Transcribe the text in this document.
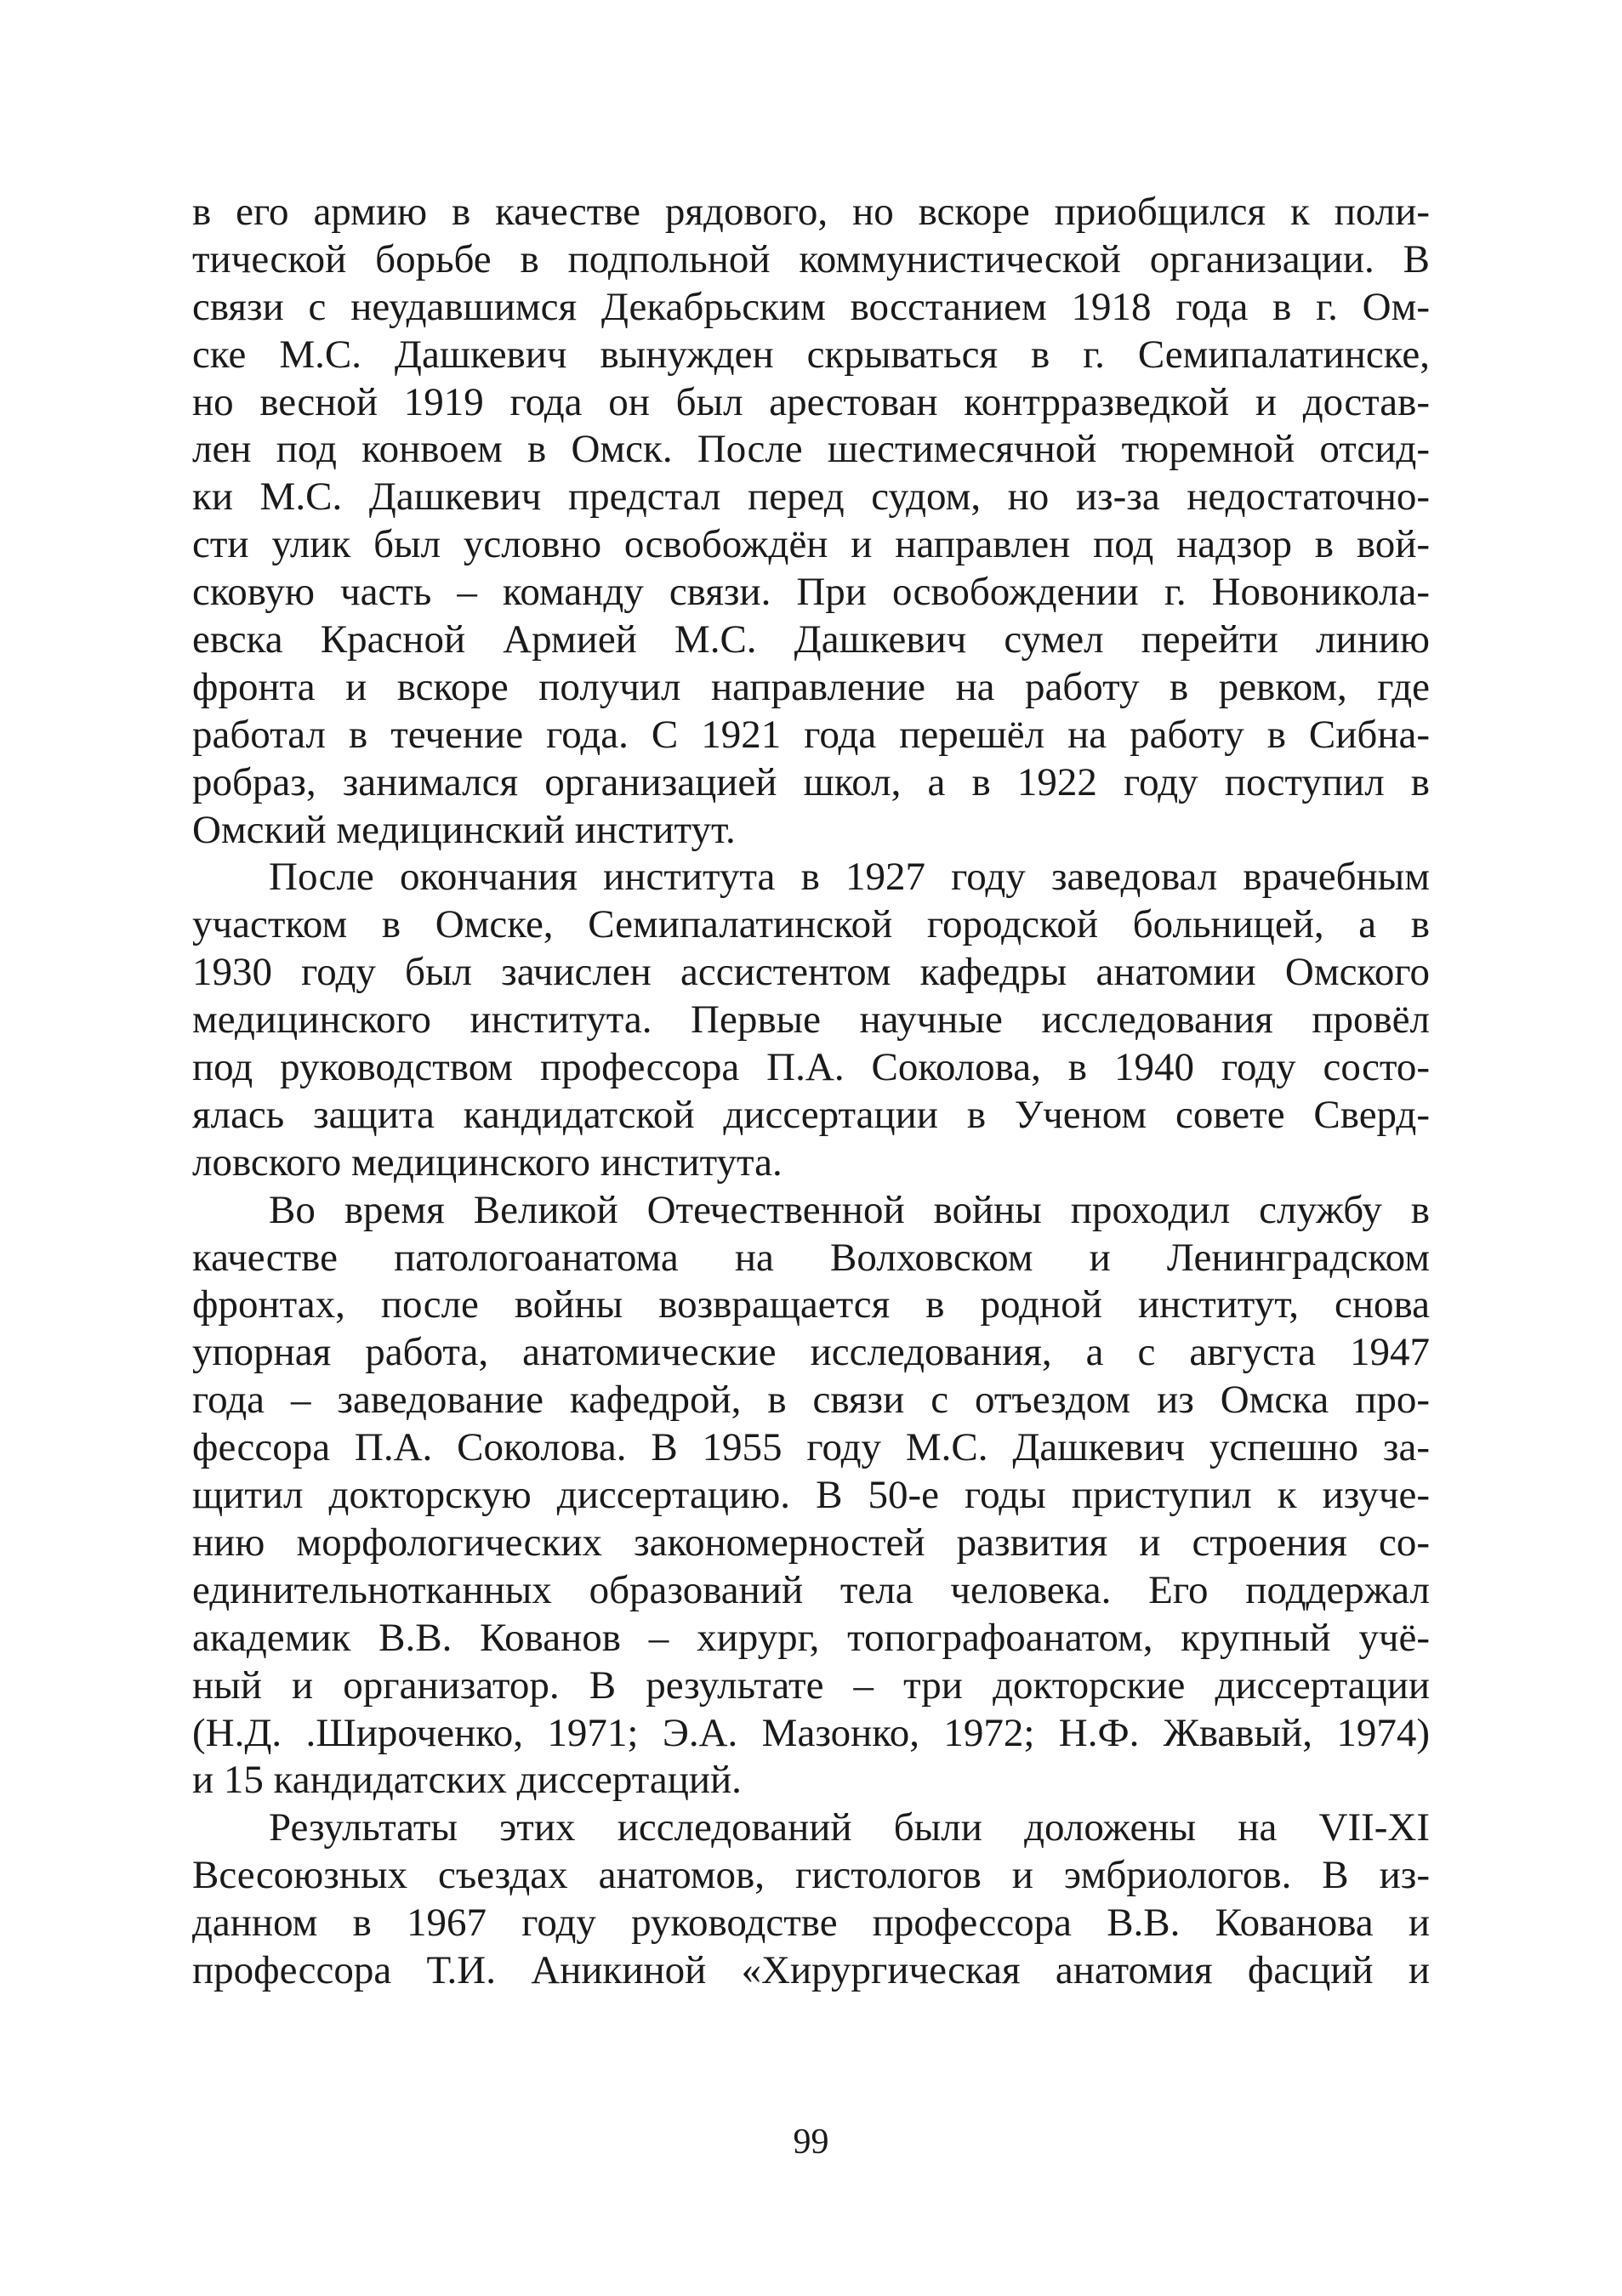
в его армию в качестве рядового, но вскоре приобщился к поли-
тической борьбе в подпольной коммунистической организации. В
связи с неудавшимся Декабрьским восстанием 1918 года в г. Ом-
ске М.С. Дашкевич вынужден скрываться в г. Семипалатинске,
но весной 1919 года он был арестован контрразведкой и достав-
лен под конвоем в Омск. После шестимесячной тюремной отсид-
ки М.С. Дашкевич предстал перед судом, но из-за недостаточно-
сти улик был условно освобождён и направлен под надзор в вой-
сковую часть – команду связи. При освобождении г. Новоникола-
евска Красной Армией М.С. Дашкевич сумел перейти линию
фронта и вскоре получил направление на работу в ревком, где
работал в течение года. С 1921 года перешёл на работу в Сибна-
робраз, занимался организацией школ, а в 1922 году поступил в
Омский медицинский институт.
После окончания института в 1927 году заведовал врачебным
участком в Омске, Семипалатинской городской больницей, а в
1930 году был зачислен ассистентом кафедры анатомии Омского
медицинского института. Первые научные исследования провёл
под руководством профессора П.А. Соколова, в 1940 году состо-
ялась защита кандидатской диссертации в Ученом совете Сверд-
ловского медицинского института.
Во время Великой Отечественной войны проходил службу в
качестве патологоанатома на Волховском и Ленинградском
фронтах, после войны возвращается в родной институт, снова
упорная работа, анатомические исследования, а с августа 1947
года – заведование кафедрой, в связи с отъездом из Омска про-
фессора П.А. Соколова. В 1955 году М.С. Дашкевич успешно за-
щитил докторскую диссертацию. В 50-е годы приступил к изуче-
нию морфологических закономерностей развития и строения со-
единительнотканных образований тела человека. Его поддержал
академик В.В. Кованов – хирург, топографоанатом, крупный учё-
ный и организатор. В результате – три докторские диссертации
(Н.Д. .Широченко, 1971; Э.А. Мазонко, 1972; Н.Ф. Жвавый, 1974)
и 15 кандидатских диссертаций.
Результаты этих исследований были доложены на VII-XI
Всесоюзных съездах анатомов, гистологов и эмбриологов. В из-
данном в 1967 году руководстве профессора В.В. Кованова и
профессора Т.И. Аникиной «Хирургическая анатомия фасций и
99
